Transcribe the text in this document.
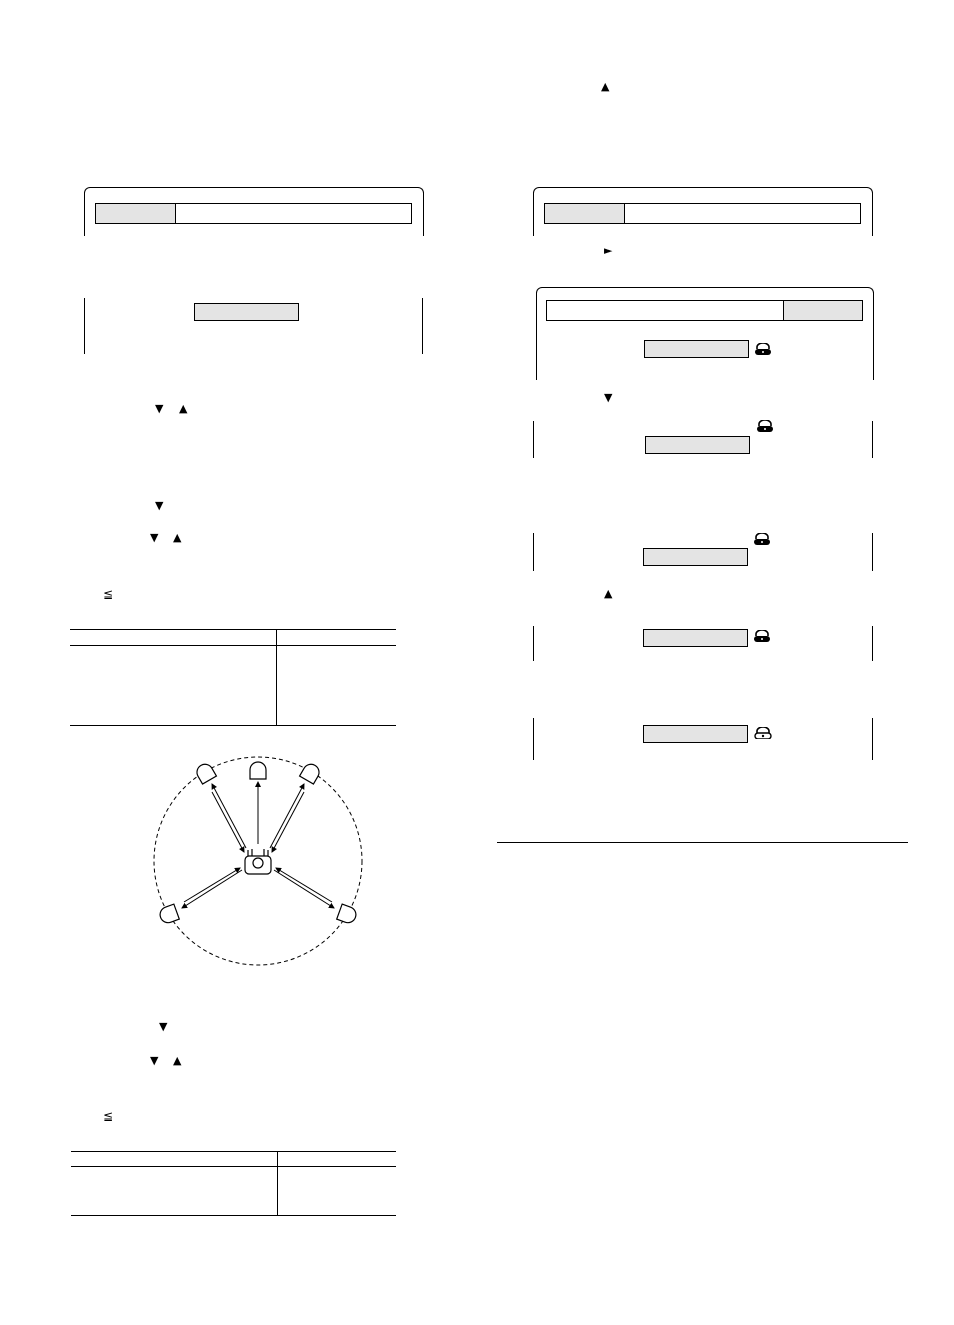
▼ ▲
▼
▼ ▲
≦
▼
▼ ▲
≦
▲
►
▼
▲
